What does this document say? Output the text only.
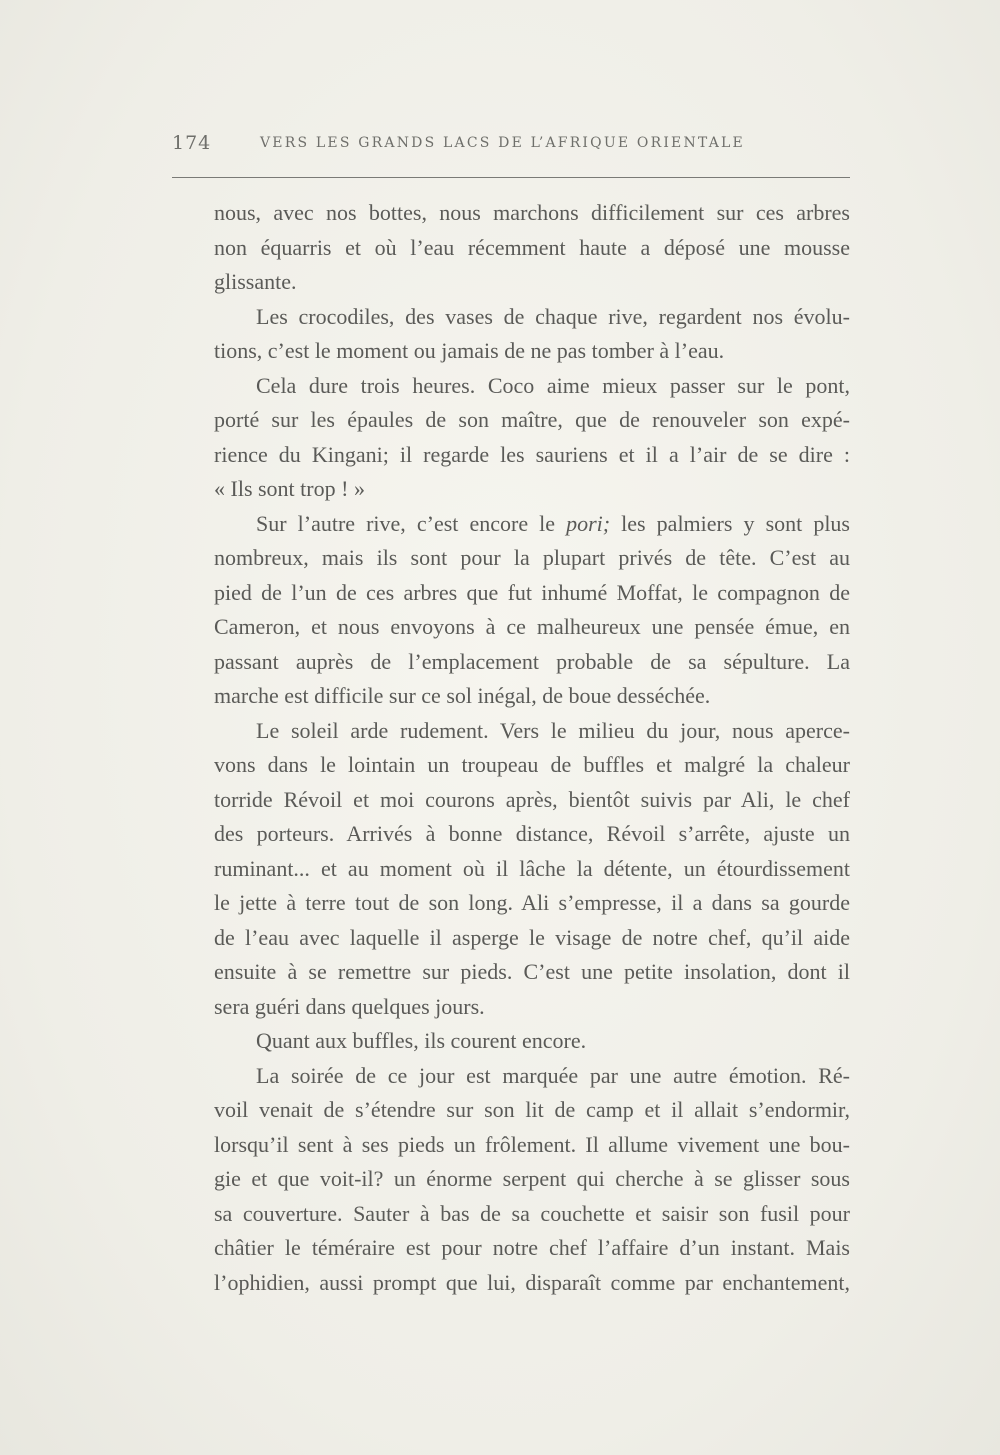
174	VERS LES GRANDS LACS DE L’AFRIQUE ORIENTALE
nous, avec nos bottes, nous marchons difficilement sur ces arbres
non équarris et où l’eau récemment haute a déposé une mousse
glissante.
Les crocodiles, des vases de chaque rive, regardent nos évolu-
tions, c’est le moment ou jamais de ne pas tomber à l’eau.
Cela dure trois heures. Coco aime mieux passer sur le pont,
porté sur les épaules de son maître, que de renouveler son expé-
rience du Kingani; il regarde les sauriens et il a l’air de se dire :
« Ils sont trop ! »
Sur l’autre rive, c’est encore le pori; les palmiers y sont plus
nombreux, mais ils sont pour la plupart privés de tête. C’est au
pied de l’un de ces arbres que fut inhumé Moffat, le compagnon de
Cameron, et nous envoyons à ce malheureux une pensée émue, en
passant auprès de l’emplacement probable de sa sépulture. La
marche est difficile sur ce sol inégal, de boue desséchée.
Le soleil arde rudement. Vers le milieu du jour, nous aperce-
vons dans le lointain un troupeau de buffles et malgré la chaleur
torride Révoil et moi courons après, bientôt suivis par Ali, le chef
des porteurs. Arrivés à bonne distance, Révoil s’arrête, ajuste un
ruminant... et au moment où il lâche la détente, un étourdissement
le jette à terre tout de son long. Ali s’empresse, il a dans sa gourde
de l’eau avec laquelle il asperge le visage de notre chef, qu’il aide
ensuite à se remettre sur pieds. C’est une petite insolation, dont il
sera guéri dans quelques jours.
Quant aux buffles, ils courent encore.
La soirée de ce jour est marquée par une autre émotion. Ré-
voil venait de s’étendre sur son lit de camp et il allait s’endormir,
lorsqu’il sent à ses pieds un frôlement. Il allume vivement une bou-
gie et que voit-il? un énorme serpent qui cherche à se glisser sous
sa couverture. Sauter à bas de sa couchette et saisir son fusil pour
châtier le téméraire est pour notre chef l’affaire d’un instant. Mais
l’ophidien, aussi prompt que lui, disparaît comme par enchantement,
